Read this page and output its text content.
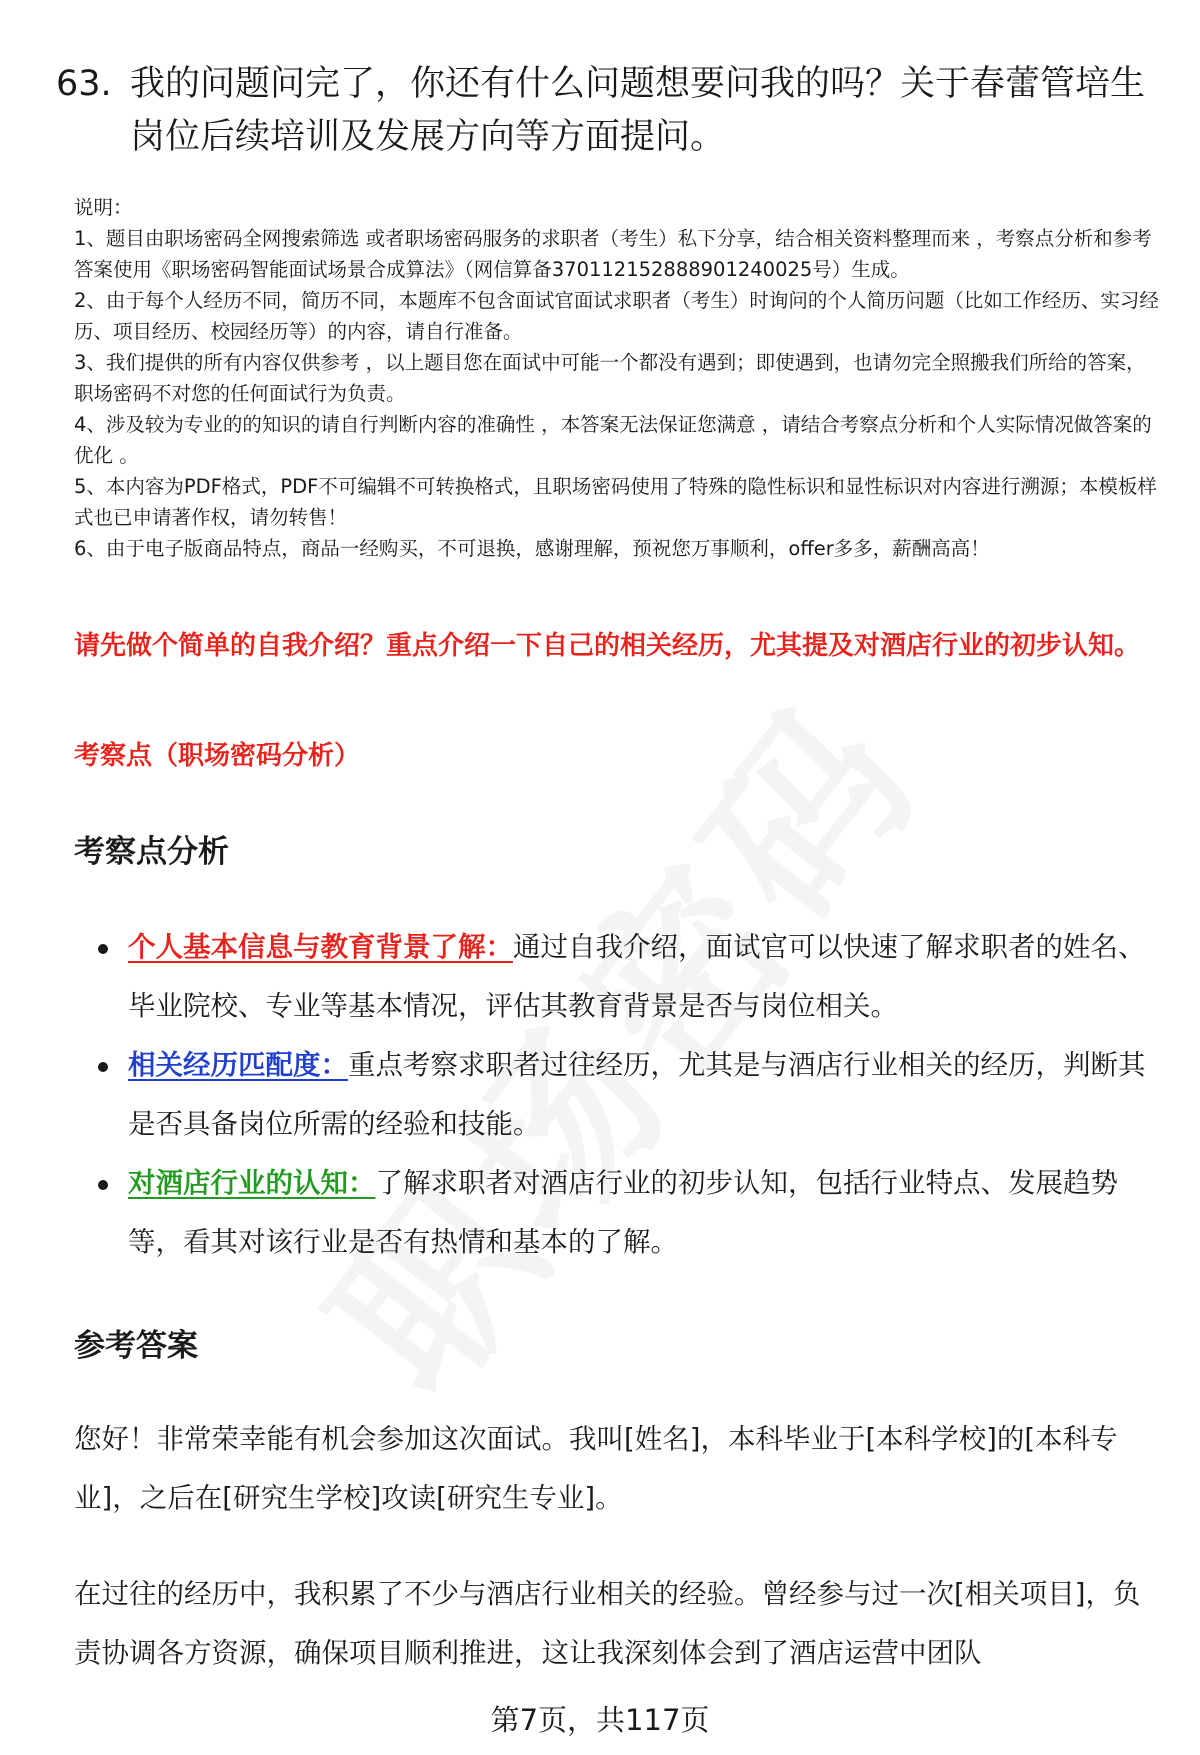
63. 我的问题问完了，你还有什么问题想要问我的吗？关于春蕾管培生岗位后续培训及发展方向等方面提问。
说明：
1、题目由职场密码全网搜索筛选 或者职场密码服务的求职者（考生）私下分享，结合相关资料整理而来 ，考察点分析和参考答案使用《职场密码智能面试场景合成算法》（网信算备370112152888901240025号）生成。
2、由于每个人经历不同，简历不同，本题库不包含面试官面试求职者（考生）时询问的个人简历问题（比如工作经历、实习经历、项目经历、校园经历等）的内容，请自行准备。
3、我们提供的所有内容仅供参考 ，以上题目您在面试中可能一个都没有遇到；即使遇到，也请勿完全照搬我们所给的答案，职场密码不对您的任何面试行为负责。
4、涉及较为专业的的知识的请自行判断内容的准确性 ，本答案无法保证您满意 ，请结合考察点分析和个人实际情况做答案的优化 。
5、本内容为PDF格式，PDF不可编辑不可转换格式，且职场密码使用了特殊的隐性标识和显性标识对内容进行溯源；本模板样式也已申请著作权，请勿转售！
6、由于电子版商品特点，商品一经购买，不可退换，感谢理解，预祝您万事顺利，offer多多，薪酬高高！
请先做个简单的自我介绍？重点介绍一下自己的相关经历，尤其提及对酒店行业的初步认知。
考察点（职场密码分析）
考察点分析
个人基本信息与教育背景了解：通过自我介绍，面试官可以快速了解求职者的姓名、毕业院校、专业等基本情况，评估其教育背景是否与岗位相关。
相关经历匹配度：重点考察求职者过往经历，尤其是与酒店行业相关的经历，判断其是否具备岗位所需的经验和技能。
对酒店行业的认知：了解求职者对酒店行业的初步认知，包括行业特点、发展趋势等，看其对该行业是否有热情和基本的了解。
参考答案
您好！非常荣幸能有机会参加这次面试。我叫[姓名]，本科毕业于[本科学校]的[本科专业]，之后在[研究生学校]攻读[研究生专业]。
在过往的经历中，我积累了不少与酒店行业相关的经验。曾经参与过一次[相关项目]，负责协调各方资源，确保项目顺利推进，这让我深刻体会到了酒店运营中团队
第7页，共117页
